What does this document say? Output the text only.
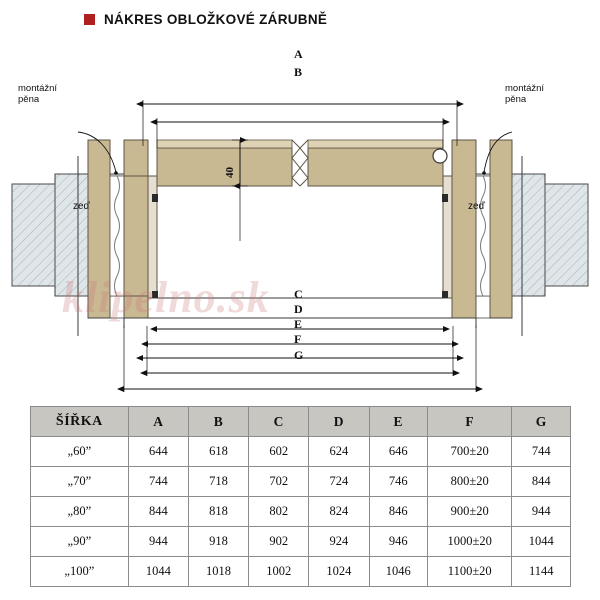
NÁKRES OBLOŽKOVÉ ZÁRUBNĚ
montážní
pěna
montážní
pěna
zeď	zeď
A
B
40
C
D
E
F
G
klipelno.sk
ŠÍŘKA	A	B	C	D	E	F	G
„60”	644	618	602	624	646	700±20	744
„70”	744	718	702	724	746	800±20	844
„80”	844	818	802	824	846	900±20	944
„90”	944	918	902	924	946	1000±20	1044
„100”	1044	1018	1002	1024	1046	1100±20	1144
